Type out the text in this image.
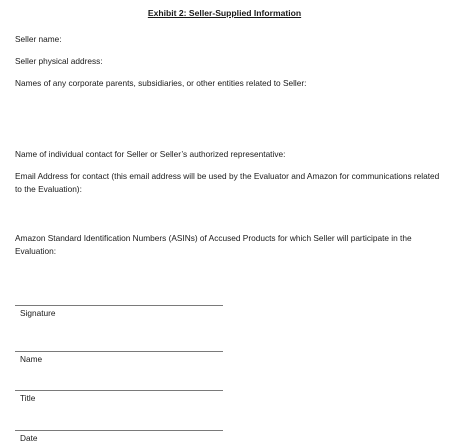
Exhibit 2: Seller-Supplied Information
Seller name:
Seller physical address:
Names of any corporate parents, subsidiaries, or other entities related to Seller:
Name of individual contact for Seller or Seller’s authorized representative:
Email Address for contact (this email address will be used by the Evaluator and Amazon for communications related to the Evaluation):
Amazon Standard Identification Numbers (ASINs) of Accused Products for which Seller will participate in the Evaluation:
Signature
Name
Title
Date
